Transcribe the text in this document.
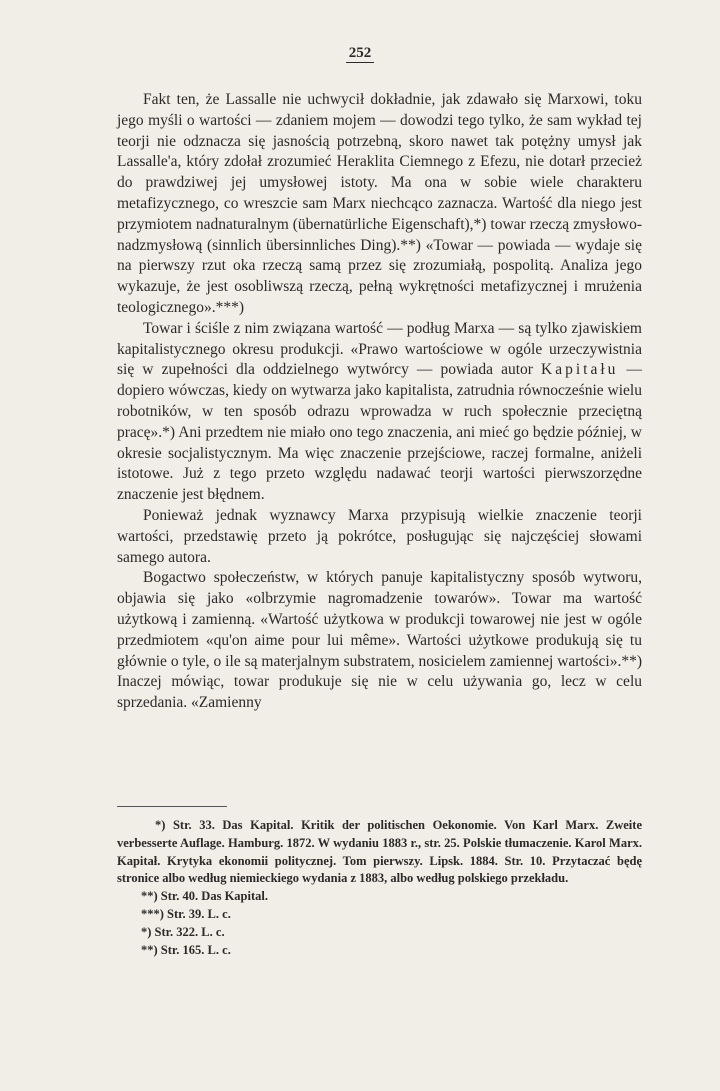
252

Fakt ten, że Lassalle nie uchwycił dokładnie, jak zdawało się Marxowi, toku jego myśli o wartości — zdaniem mojem — dowodzi tego tylko, że sam wykład tej teorji nie odznacza się jasnością potrzebną, skoro nawet tak potężny umysł jak Lassalle'a, który zdołał zrozumieć Heraklita Ciemnego z Efezu, nie dotarł przecież do prawdziwej jej umysłowej istoty. Ma ona w sobie wiele charakteru metafizycznego, co wreszcie sam Marx niechcąco zaznacza. Wartość dla niego jest przymiotem nadnaturalnym (übernatürliche Eigenschaft),*) towar rzeczą zmysłowo-nadzmysłową (sinnlich übersinnliches Ding).**) «Towar — powiada — wydaje się na pierwszy rzut oka rzeczą samą przez się zrozumiałą, pospolitą. Analiza jego wykazuje, że jest osobliwszą rzeczą, pełną wykrętności metafizycznej i mrużenia teologicznego».***)

Towar i ściśle z nim związana wartość — podług Marxa — są tylko zjawiskiem kapitalistycznego okresu produkcji. «Prawo wartościowe w ogóle urzeczywistnia się w zupełności dla oddzielnego wytwórcy — powiada autor Kapitału — dopiero wówczas, kiedy on wytwarza jako kapitalista, zatrudnia równocześnie wielu robotników, w ten sposób odrazu wprowadza w ruch społecznie przeciętną pracę».*) Ani przedtem nie miało ono tego znaczenia, ani mieć go będzie później, w okresie socjalistycznym. Ma więc znaczenie przejściowe, raczej formalne, aniżeli istotowe. Już z tego przeto względu nadawać teorji wartości pierwszorzędne znaczenie jest błędnem.

Ponieważ jednak wyznawcy Marxa przypisują wielkie znaczenie teorji wartości, przedstawię przeto ją pokrótce, posługując się najczęściej słowami samego autora.

Bogactwo społeczeństw, w których panuje kapitalistyczny sposób wytworu, objawia się jako «olbrzymie nagromadzenie towarów». Towar ma wartość użytkową i zamienną. «Wartość użytkowa w produkcji towarowej nie jest w ogóle przedmiotem «qu'on aime pour lui même». Wartości użytkowe produkują się tu głównie o tyle, o ile są materjalnym substratem, nosicielem zamiennej wartości».**) Inaczej mówiąc, towar produkuje się nie w celu używania go, lecz w celu sprzedania. «Zamienny

*) Str. 33. Das Kapital. Kritik der politischen Oekonomie. Von Karl Marx. Zweite verbesserte Auflage. Hamburg. 1872. W wydaniu 1883 r., str. 25. Polskie tłumaczenie. Karol Marx. Kapitał. Krytyka ekonomii politycznej. Tom pierwszy. Lipsk. 1884. Str. 10. Przytaczać będę stronice albo według niemieckiego wydania z 1883, albo według polskiego przekładu.

**) Str. 40. Das Kapital.

***) Str. 39. L. c.

*) Str. 322. L. c.

**) Str. 165. L. c.
